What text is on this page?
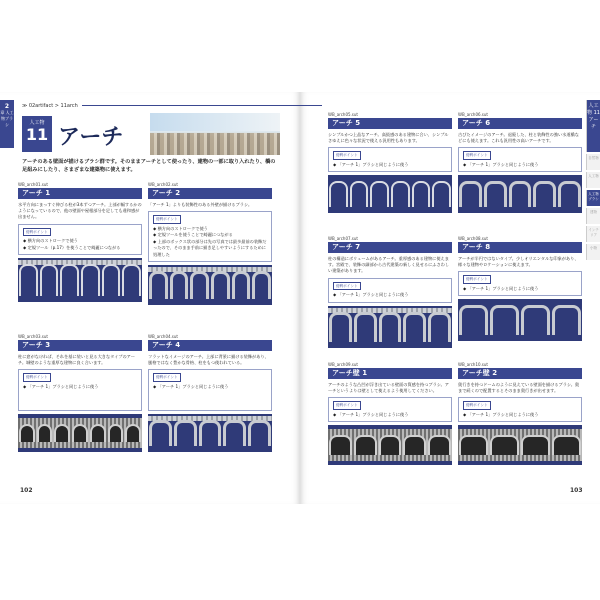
2
章 人工物ブラシ
≫ 02artifact > 11arch
人工物
11 アーチ
アーチのある壁面が描けるブラシ群です。そのままアーチとして使ったり、建物の一部に取り入れたり、橋の足組みにしたり、さまざまな建築物に使えます。
WB_arch01.sut
アーチ 1
水平方向にまっすぐ伸びる柱が3本ずつアーチ。上部が幅するかのようになっているので、他の壁面や屋根部分を足しても違和感が出ません。
便利ポイント
◆ 横方向のストロークで使う
◆ 定規ツール（p.17）を使うことで綺麗につながる
WB_arch02.sut
アーチ 2
「アーチ 1」よりも装飾性のある外壁が描けるブラシ。
便利ポイント
◆ 横方向のストロークで使う
◆ 定規ツールを使うことで綺麗につながる
◆ 上部のボックス状の部分は先の写真では最多最前の装飾だったので、そのまま手前に描き足しやすいようにするために処理した
WB_arch03.sut
アーチ 3
柱に窓がなければ、それを基に装いと見る大きなタイプのアーチ。城壁のような重厚な建物に良く合います。
便利ポイント
◆ 「アーチ 1」ブラシと同じように使う
WB_arch04.sut
アーチ 4
フラットなイメージのアーチ。上部に背景に描ける装飾があり、風格ではなく豊かな骨格、柱をもつ使われている。
便利ポイント
◆ 「アーチ 1」ブラシと同じように使う
102
人工物 11 アーチ
自然物
人工物
人工物ブラシ
建物
インテリア
小物
WB_arch05.sut
アーチ 5
シンプルかつ上品なアーチ。高級感のある建物に合い、シンプルさゆえに色々な状況で使える汎用性もあります。
便利ポイント
◆ 「アーチ 1」ブラシと同じように使う
WB_arch06.sut
アーチ 6
古びたイメージのアーチ。退廃した、柱と装飾性の強い水道橋などにも使えます。これも汎用性の高いアーチです。
便利ポイント
◆ 「アーチ 1」ブラシと同じように使う
WB_arch07.sut
アーチ 7
柱の構造にボリュームがあるアーチ。重厚感のある建物に使えます。宮殿で、装飾の細部から古代建築の新しく見せるにふさわしい建築があります。
便利ポイント
◆ 「アーチ 1」ブラシと同じように使う
WB_arch08.sut
アーチ 8
アーチが半円ではないタイプ。少しオリエンタルな印象があり、様々な建物やロケーションに使えます。
便利ポイント
◆ 「アーチ 1」ブラシと同じように使う
WB_arch09.sut
アーチ壁 1
アーチのような凸凹が浮き出ている壁面の質感を持つブラシ。アーチというよりは壁として使えるよう使用してください。
便利ポイント
◆ 「アーチ 1」ブラシと同じように使う
WB_arch10.sut
アーチ壁 2
奥行きを持つドームのように見えている壁面を描けるブラシ。奥まで続くので配置するとそのまま奥行きが出せます。
便利ポイント
◆ 「アーチ 1」ブラシと同じように使う
103
